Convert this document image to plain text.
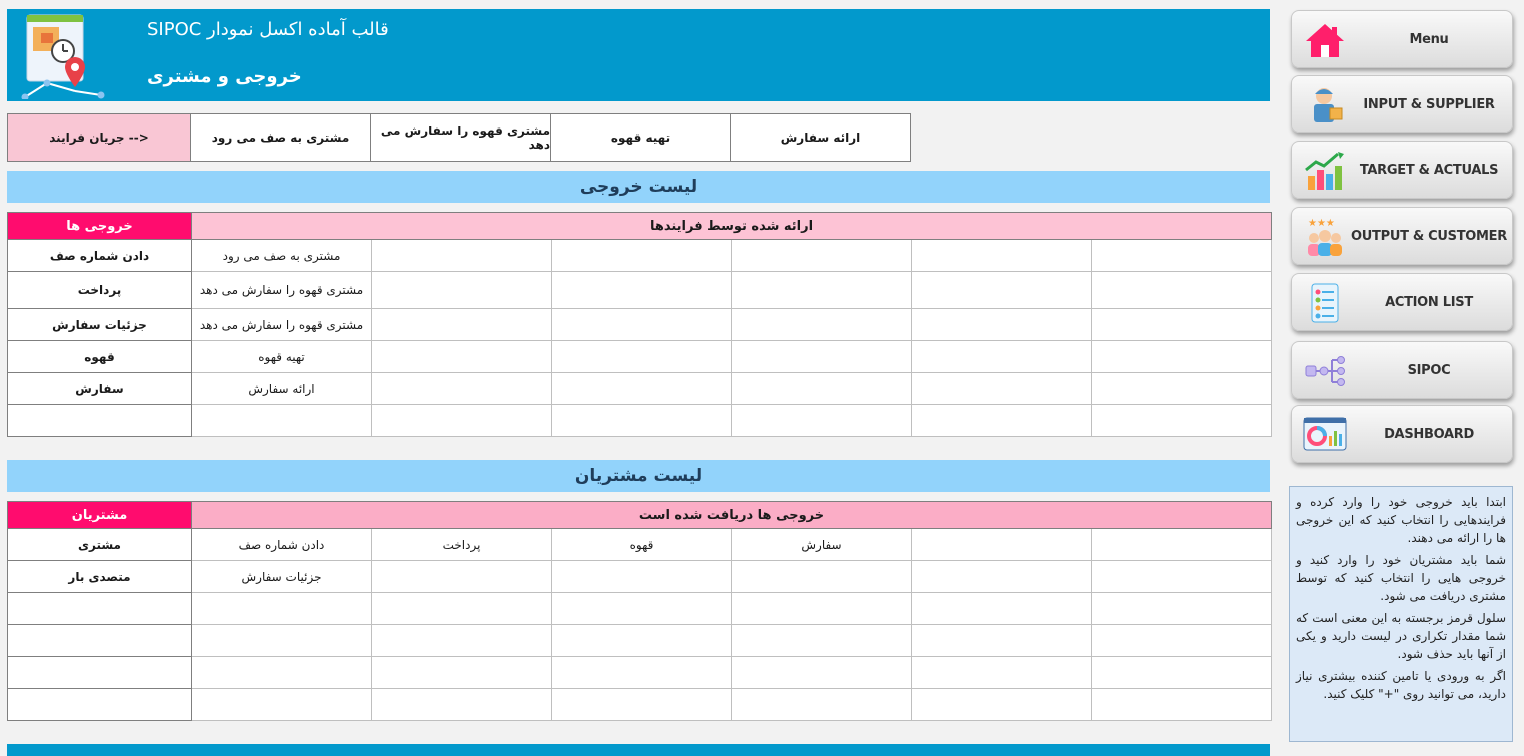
قالب آماده اکسل نمودار SIPOC
خروجی و مشتری
<-- جریان فرایند	مشتری به صف می رود	مشتری قهوه را سفارش می دهد	تهیه قهوه	ارائه سفارش
لیست خروجی
خروجی ها	ارائه شده توسط فرایندها					
دادن شماره صف	مشتری به صف می رود					
پرداخت	مشتری قهوه را سفارش می دهد					
جزئیات سفارش	مشتری قهوه را سفارش می دهد					
قهوه	تهیه قهوه					
سفارش	ارائه سفارش					

لیست مشتریان
مشتریان	خروجی ها دریافت شده است					
مشتری	دادن شماره صف	پرداخت	قهوه	سفارش		
متصدی بار	جزئیات سفارش					

Menu
INPUT & SUPPLIER
TARGET & ACTUALS
★★★
OUTPUT & CUSTOMER
ACTION LIST
SIPOC
DASHBOARD

ابتدا باید خروجی خود را وارد کرده و فرایندهایی را انتخاب کنید که این خروجی ها را ارائه می دهند.

شما باید مشتریان خود را وارد کنید و خروجی هایی را انتخاب کنید که توسط مشتری دریافت می شود.

سلول قرمز برجسته به این معنی است که شما مقدار تکراری در لیست دارید و یکی از آنها باید حذف شود.

اگر به ورودی یا تامین کننده بیشتری نیاز دارید، می توانید روی "+" کلیک کنید.
